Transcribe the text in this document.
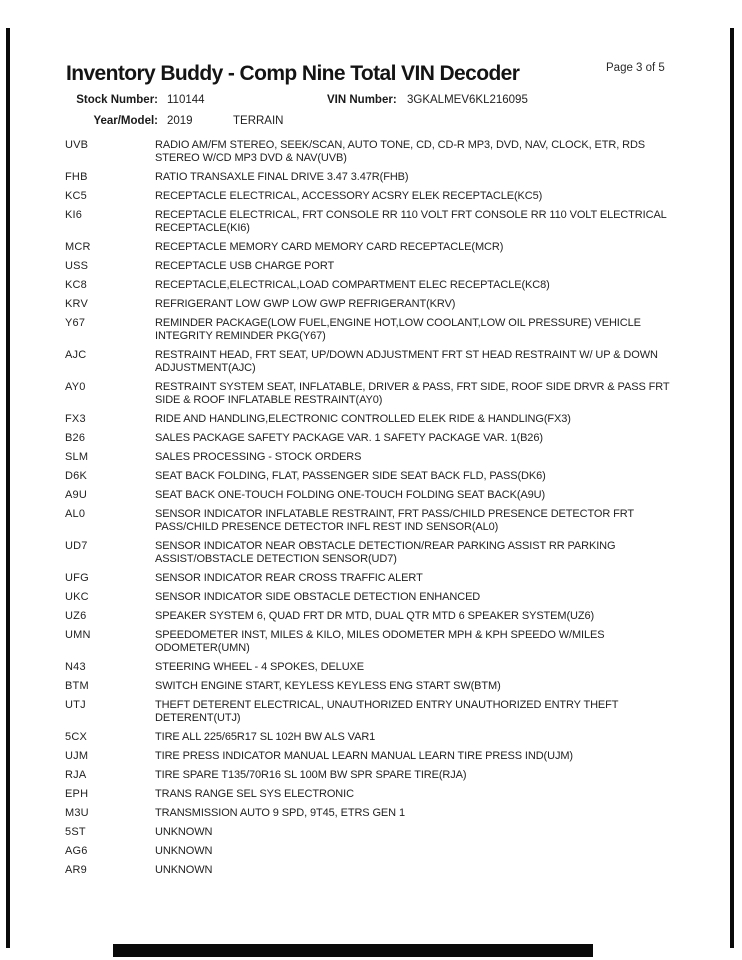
Inventory Buddy - Comp Nine Total VIN Decoder	Page 3 of 5
Stock Number: 110144	VIN Number: 3GKALMEV6KL216095
Year/Model: 2019	TERRAIN
UVB	RADIO AM/FM STEREO, SEEK/SCAN, AUTO TONE, CD, CD-R MP3, DVD, NAV, CLOCK, ETR, RDS STEREO W/CD MP3 DVD & NAV(UVB)
FHB	RATIO TRANSAXLE FINAL DRIVE 3.47 3.47R(FHB)
KC5	RECEPTACLE ELECTRICAL, ACCESSORY ACSRY ELEK RECEPTACLE(KC5)
KI6	RECEPTACLE ELECTRICAL, FRT CONSOLE RR 110 VOLT FRT CONSOLE RR 110 VOLT ELECTRICAL RECEPTACLE(KI6)
MCR	RECEPTACLE MEMORY CARD MEMORY CARD RECEPTACLE(MCR)
USS	RECEPTACLE USB CHARGE PORT
KC8	RECEPTACLE,ELECTRICAL,LOAD COMPARTMENT ELEC RECEPTACLE(KC8)
KRV	REFRIGERANT LOW GWP LOW GWP REFRIGERANT(KRV)
Y67	REMINDER PACKAGE(LOW FUEL,ENGINE HOT,LOW COOLANT,LOW OIL PRESSURE) VEHICLE INTEGRITY REMINDER PKG(Y67)
AJC	RESTRAINT HEAD, FRT SEAT, UP/DOWN ADJUSTMENT FRT ST HEAD RESTRAINT W/ UP & DOWN ADJUSTMENT(AJC)
AY0	RESTRAINT SYSTEM SEAT, INFLATABLE, DRIVER & PASS, FRT SIDE, ROOF SIDE DRVR & PASS FRT SIDE & ROOF INFLATABLE RESTRAINT(AY0)
FX3	RIDE AND HANDLING,ELECTRONIC CONTROLLED ELEK RIDE & HANDLING(FX3)
B26	SALES PACKAGE SAFETY PACKAGE VAR. 1 SAFETY PACKAGE VAR. 1(B26)
SLM	SALES PROCESSING - STOCK ORDERS
D6K	SEAT BACK FOLDING, FLAT, PASSENGER SIDE SEAT BACK FLD, PASS(DK6)
A9U	SEAT BACK ONE-TOUCH FOLDING ONE-TOUCH FOLDING SEAT BACK(A9U)
AL0	SENSOR INDICATOR INFLATABLE RESTRAINT, FRT PASS/CHILD PRESENCE DETECTOR FRT PASS/CHILD PRESENCE DETECTOR INFL REST IND SENSOR(AL0)
UD7	SENSOR INDICATOR NEAR OBSTACLE DETECTION/REAR PARKING ASSIST RR PARKING ASSIST/OBSTACLE DETECTION SENSOR(UD7)
UFG	SENSOR INDICATOR REAR CROSS TRAFFIC ALERT
UKC	SENSOR INDICATOR SIDE OBSTACLE DETECTION ENHANCED
UZ6	SPEAKER SYSTEM 6, QUAD FRT DR MTD, DUAL QTR MTD 6 SPEAKER SYSTEM(UZ6)
UMN	SPEEDOMETER INST, MILES & KILO, MILES ODOMETER MPH & KPH SPEEDO W/MILES ODOMETER(UMN)
N43	STEERING WHEEL - 4 SPOKES, DELUXE
BTM	SWITCH ENGINE START, KEYLESS KEYLESS ENG START SW(BTM)
UTJ	THEFT DETERENT ELECTRICAL, UNAUTHORIZED ENTRY UNAUTHORIZED ENTRY THEFT DETERENT(UTJ)
5CX	TIRE ALL 225/65R17 SL 102H BW ALS VAR1
UJM	TIRE PRESS INDICATOR MANUAL LEARN MANUAL LEARN TIRE PRESS IND(UJM)
RJA	TIRE SPARE T135/70R16 SL 100M BW SPR SPARE TIRE(RJA)
EPH	TRANS RANGE SEL SYS ELECTRONIC
M3U	TRANSMISSION AUTO 9 SPD, 9T45, ETRS GEN 1
5ST	UNKNOWN
AG6	UNKNOWN
AR9	UNKNOWN
